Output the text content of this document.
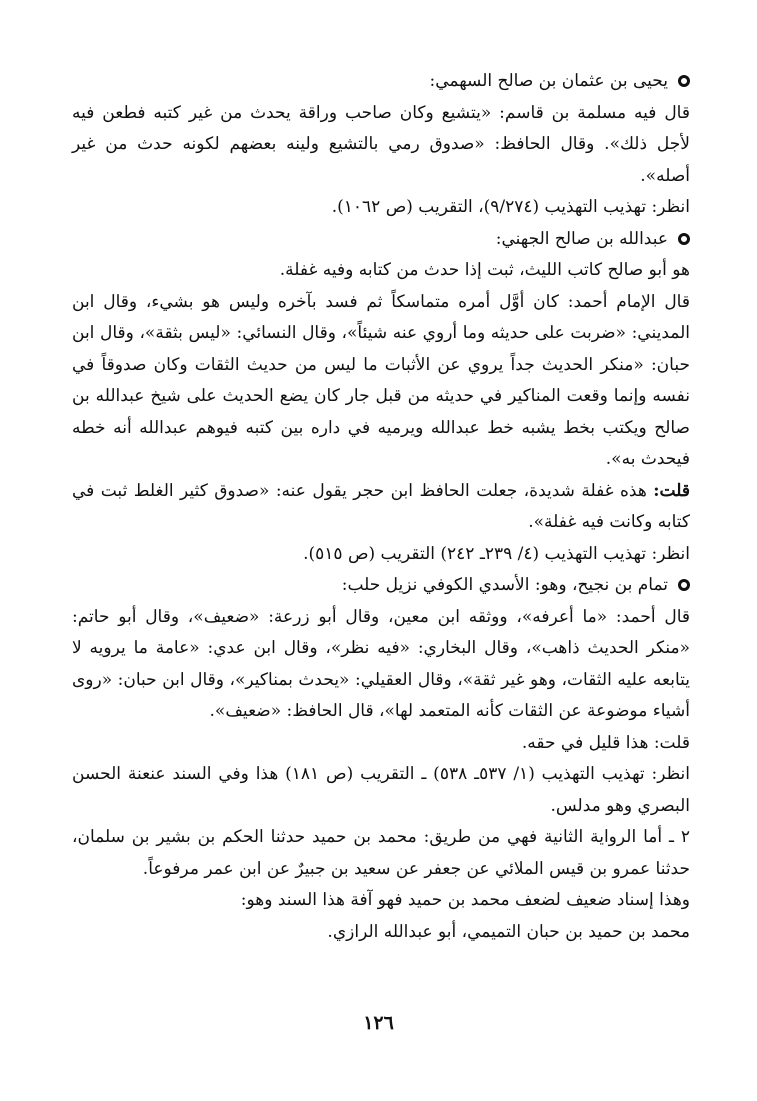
يحيى بن عثمان بن صالح السهمي:

قال فيه مسلمة بن قاسم: «يتشيع وكان صاحب وراقة يحدث من غير كتبه فطعن فيه لأجل ذلك». وقال الحافظ: «صدوق رمي بالتشيع ولينه بعضهم لكونه حدث من غير أصله».

انظر: تهذيب التهذيب (٩/٢٧٤)، التقريب (ص ١٠٦٢).

عبدالله بن صالح الجهني:

هو أبو صالح كاتب الليث، ثبت إذا حدث من كتابه وفيه غفلة.

قال الإمام أحمد: كان أوَّل أمره متماسكاً ثم فسد بآخره وليس هو بشيء، وقال ابن المديني: «ضربت على حديثه وما أروي عنه شيئاً»، وقال النسائي: «ليس بثقة»، وقال ابن حبان: «منكر الحديث جداً يروي عن الأثبات ما ليس من حديث الثقات وكان صدوقاً في نفسه وإنما وقعت المناكير في حديثه من قبل جار كان يضع الحديث على شيخ عبدالله بن صالح ويكتب بخط يشبه خط عبدالله ويرميه في داره بين كتبه فيوهم عبدالله أنه خطه فيحدث به».

قلت: هذه غفلة شديدة، جعلت الحافظ ابن حجر يقول عنه: «صدوق كثير الغلط ثبت في كتابه وكانت فيه غفلة».

انظر: تهذيب التهذيب (٤/ ٢٣٩ـ ٢٤٢) التقريب (ص ٥١٥).

تمام بن نجيح، وهو: الأسدي الكوفي نزيل حلب:

قال أحمد: «ما أعرفه»، ووثقه ابن معين، وقال أبو زرعة: «ضعيف»، وقال أبو حاتم: «منكر الحديث ذاهب»، وقال البخاري: «فيه نظر»، وقال ابن عدي: «عامة ما يرويه لا يتابعه عليه الثقات، وهو غير ثقة»، وقال العقيلي: «يحدث بمناكير»، وقال ابن حبان: «روى أشياء موضوعة عن الثقات كأنه المتعمد لها»، قال الحافظ: «ضعيف».

قلت: هذا قليل في حقه.

انظر: تهذيب التهذيب (١/ ٥٣٧ـ ٥٣٨) ـ التقريب (ص ١٨١) هذا وفي السند عنعنة الحسن البصري وهو مدلس.

٢ ـ أما الرواية الثانية فهي من طريق: محمد بن حميد حدثنا الحكم بن بشير بن سلمان، حدثنا عمرو بن قيس الملائي عن جعفر عن سعيد بن جبيرٌ عن ابن عمر مرفوعاً.

وهذا إسناد ضعيف لضعف محمد بن حميد فهو آفة هذا السند وهو:

محمد بن حميد بن حبان التميمي، أبو عبدالله الرازي.

١٢٦
